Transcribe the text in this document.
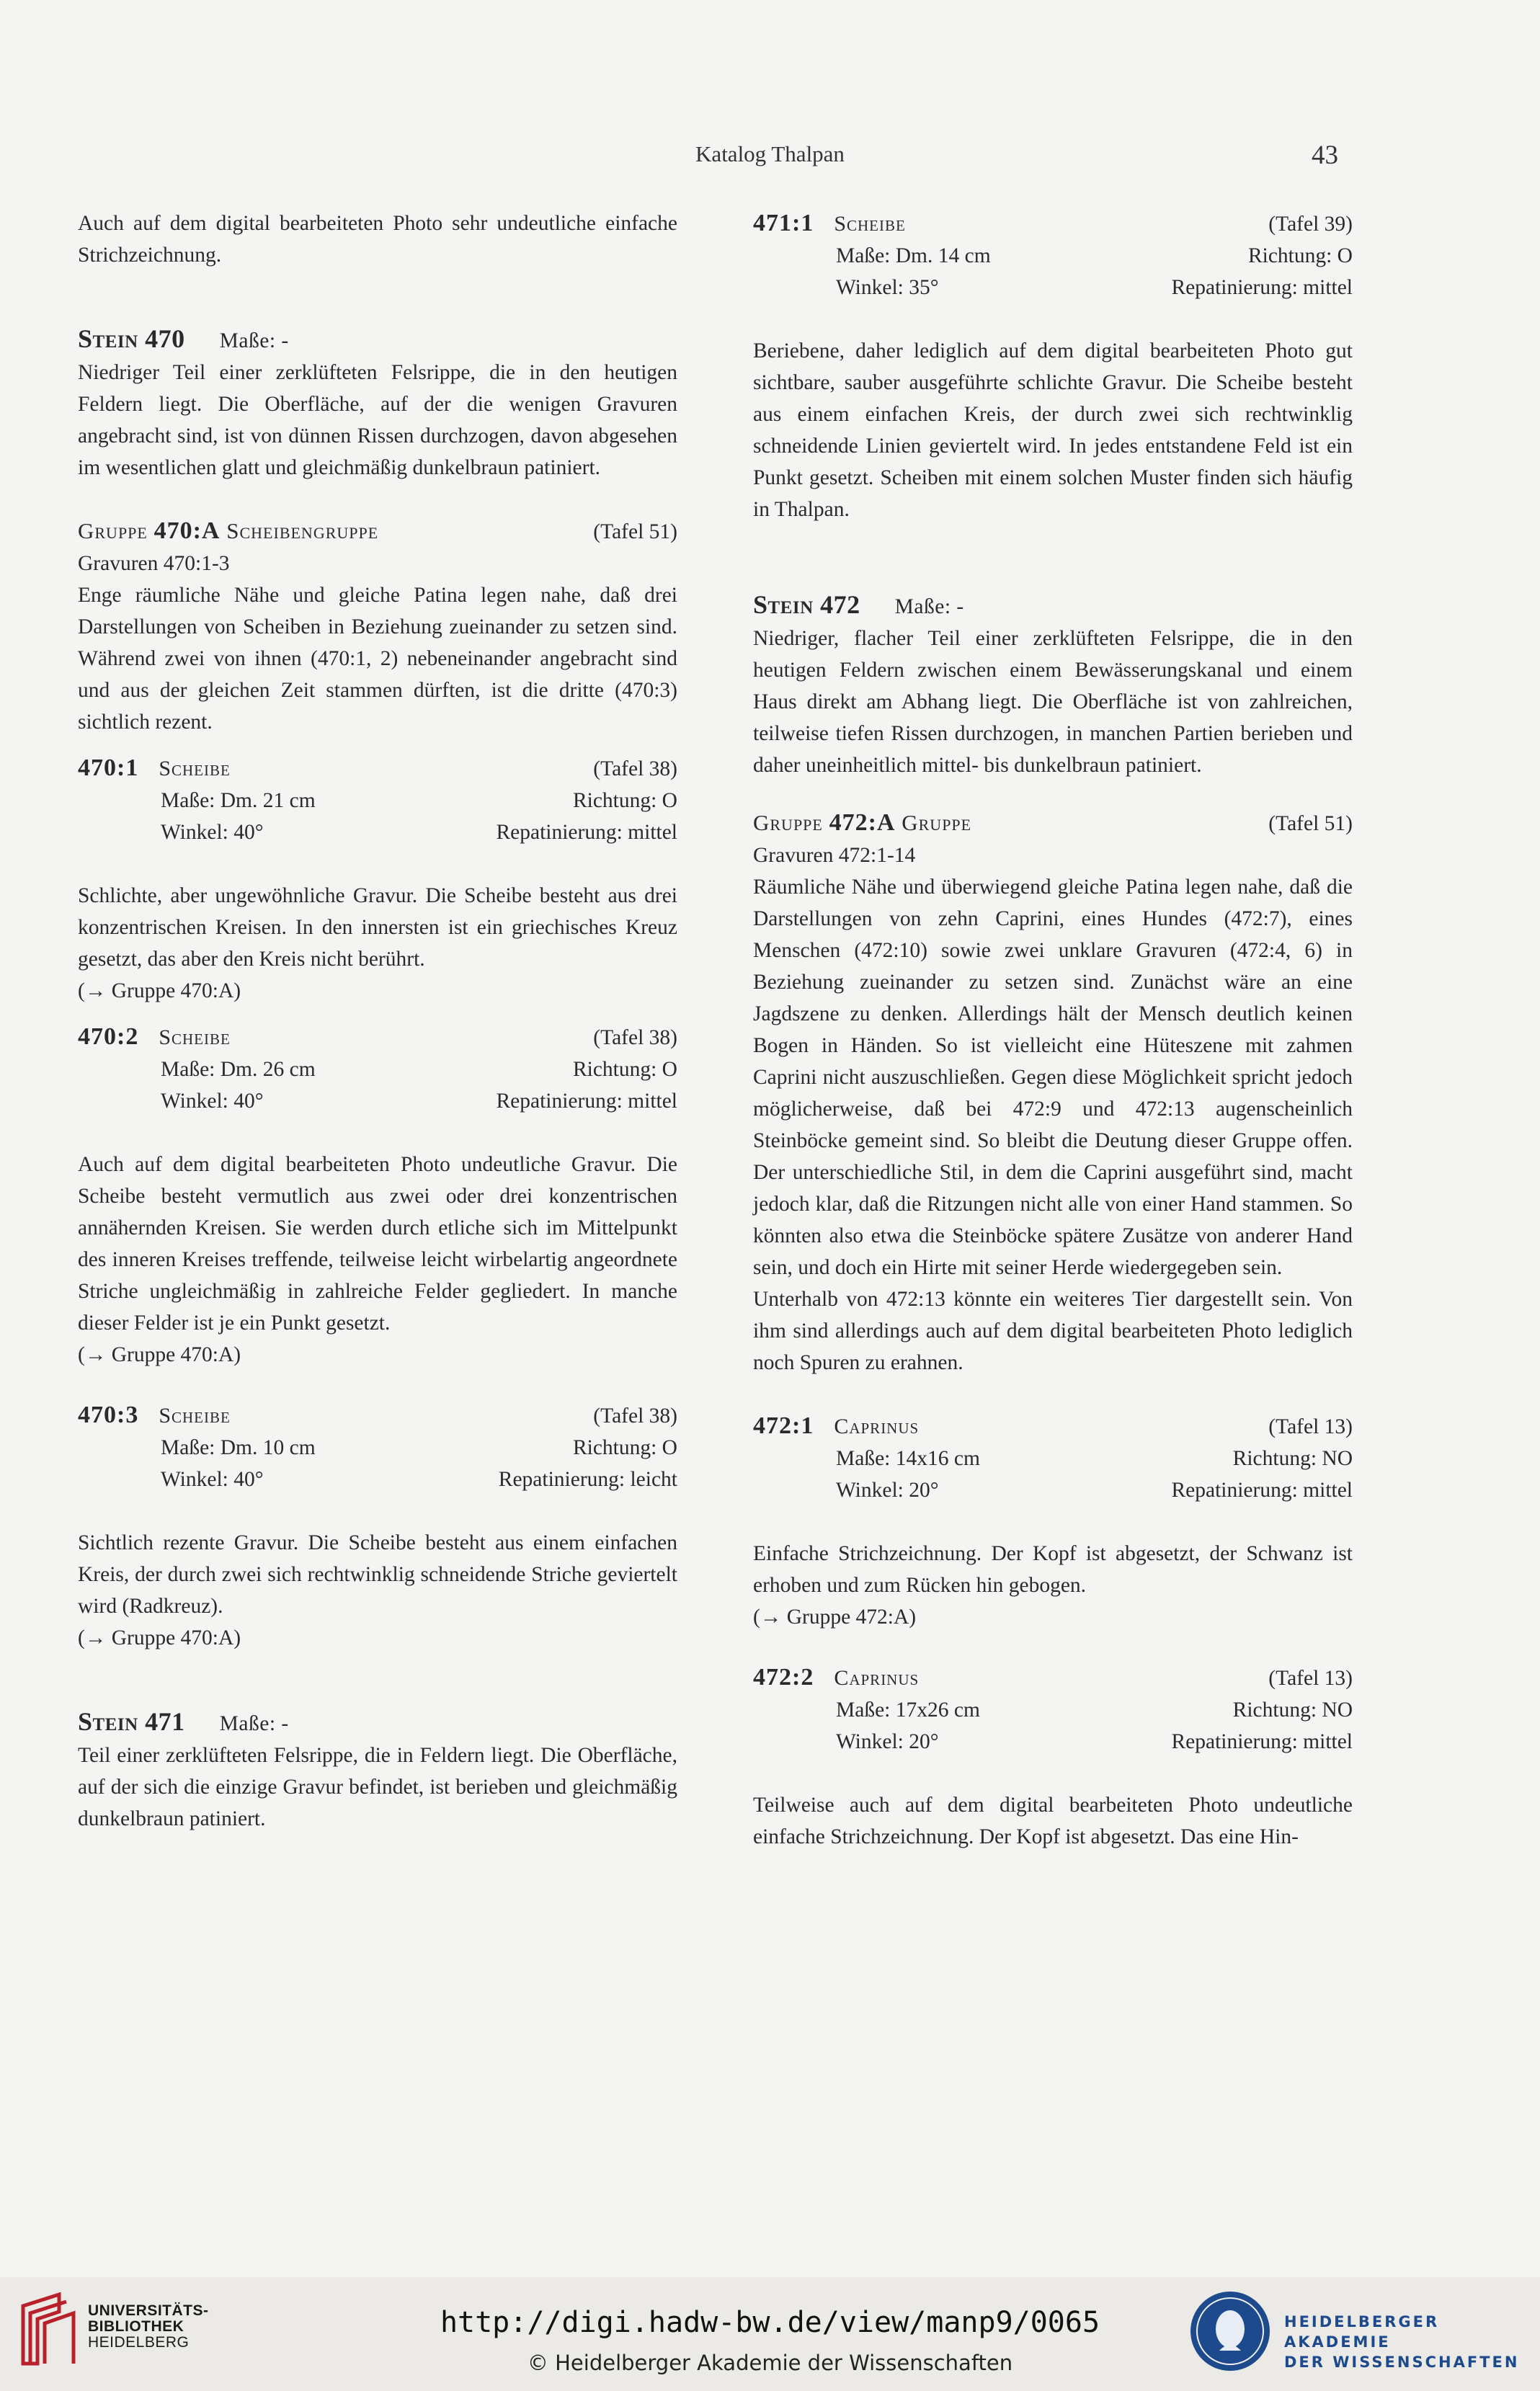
Katalog Thalpan	43

Auch auf dem digital bearbeiteten Photo sehr undeutliche einfache Strichzeichnung.

Stein 470 Maße: -

Niedriger Teil einer zerklüfteten Felsrippe, die in den heutigen Feldern liegt. Die Oberfläche, auf der die wenigen Gravuren angebracht sind, ist von dünnen Rissen durchzogen, davon abgesehen im wesentlichen glatt und gleichmäßig dunkelbraun patiniert.

Gruppe 470:A Scheibengruppe	(Tafel 51)

Gravuren 470:1-3

Enge räumliche Nähe und gleiche Patina legen nahe, daß drei Darstellungen von Scheiben in Beziehung zueinander zu setzen sind. Während zwei von ihnen (470:1, 2) nebeneinander angebracht sind und aus der gleichen Zeit stammen dürften, ist die dritte (470:3) sichtlich rezent.

470:1 Scheibe	(Tafel 38)
Maße: Dm. 21 cm	Richtung: O
Winkel: 40°	Repatinierung: mittel

Schlichte, aber ungewöhnliche Gravur. Die Scheibe besteht aus drei konzentrischen Kreisen. In den innersten ist ein griechisches Kreuz gesetzt, das aber den Kreis nicht berührt.

(→ Gruppe 470:A)

470:2 Scheibe	(Tafel 38)
Maße: Dm. 26 cm	Richtung: O
Winkel: 40°	Repatinierung: mittel

Auch auf dem digital bearbeiteten Photo undeutliche Gravur. Die Scheibe besteht vermutlich aus zwei oder drei konzentrischen annähernden Kreisen. Sie werden durch etliche sich im Mittelpunkt des inneren Kreises treffende, teilweise leicht wirbelartig angeordnete Striche ungleichmäßig in zahlreiche Felder gegliedert. In manche dieser Felder ist je ein Punkt gesetzt.

(→ Gruppe 470:A)

470:3 Scheibe	(Tafel 38)
Maße: Dm. 10 cm	Richtung: O
Winkel: 40°	Repatinierung: leicht

Sichtlich rezente Gravur. Die Scheibe besteht aus einem einfachen Kreis, der durch zwei sich rechtwinklig schneidende Striche geviertelt wird (Radkreuz).

(→ Gruppe 470:A)

Stein 471 Maße: -

Teil einer zerklüfteten Felsrippe, die in Feldern liegt. Die Oberfläche, auf der sich die einzige Gravur befindet, ist berieben und gleichmäßig dunkelbraun patiniert.

471:1 Scheibe	(Tafel 39)
Maße: Dm. 14 cm	Richtung: O
Winkel: 35°	Repatinierung: mittel

Beriebene, daher lediglich auf dem digital bearbeiteten Photo gut sichtbare, sauber ausgeführte schlichte Gravur. Die Scheibe besteht aus einem einfachen Kreis, der durch zwei sich rechtwinklig schneidende Linien geviertelt wird. In jedes entstandene Feld ist ein Punkt gesetzt. Scheiben mit einem solchen Muster finden sich häufig in Thalpan.

Stein 472 Maße: -

Niedriger, flacher Teil einer zerklüfteten Felsrippe, die in den heutigen Feldern zwischen einem Bewässerungskanal und einem Haus direkt am Abhang liegt. Die Oberfläche ist von zahlreichen, teilweise tiefen Rissen durchzogen, in manchen Partien berieben und daher uneinheitlich mittel- bis dunkelbraun patiniert.

Gruppe 472:A Gruppe	(Tafel 51)

Gravuren 472:1-14

Räumliche Nähe und überwiegend gleiche Patina legen nahe, daß die Darstellungen von zehn Caprini, eines Hundes (472:7), eines Menschen (472:10) sowie zwei unklare Gravuren (472:4, 6) in Beziehung zueinander zu setzen sind. Zunächst wäre an eine Jagdszene zu denken. Allerdings hält der Mensch deutlich keinen Bogen in Händen. So ist vielleicht eine Hüteszene mit zahmen Caprini nicht auszuschließen. Gegen diese Möglichkeit spricht jedoch möglicherweise, daß bei 472:9 und 472:13 augenscheinlich Steinböcke gemeint sind. So bleibt die Deutung dieser Gruppe offen. Der unterschiedliche Stil, in dem die Caprini ausgeführt sind, macht jedoch klar, daß die Ritzungen nicht alle von einer Hand stammen. So könnten also etwa die Steinböcke spätere Zusätze von anderer Hand sein, und doch ein Hirte mit seiner Herde wiedergegeben sein.

Unterhalb von 472:13 könnte ein weiteres Tier dargestellt sein. Von ihm sind allerdings auch auf dem digital bearbeiteten Photo lediglich noch Spuren zu erahnen.

472:1 Caprinus	(Tafel 13)
Maße: 14x16 cm	Richtung: NO
Winkel: 20°	Repatinierung: mittel

Einfache Strichzeichnung. Der Kopf ist abgesetzt, der Schwanz ist erhoben und zum Rücken hin gebogen.

(→ Gruppe 472:A)

472:2 Caprinus	(Tafel 13)
Maße: 17x26 cm	Richtung: NO
Winkel: 20°	Repatinierung: mittel

Teilweise auch auf dem digital bearbeiteten Photo undeutliche einfache Strichzeichnung. Der Kopf ist abgesetzt. Das eine Hin-

UNIVERSITÄTS-
BIBLIOTHEK
HEIDELBERG
http://digi.hadw-bw.de/view/manp9/0065
© Heidelberger Akademie der Wissenschaften
HEIDELBERGER AKADEMIE
DER WISSENSCHAFTEN
